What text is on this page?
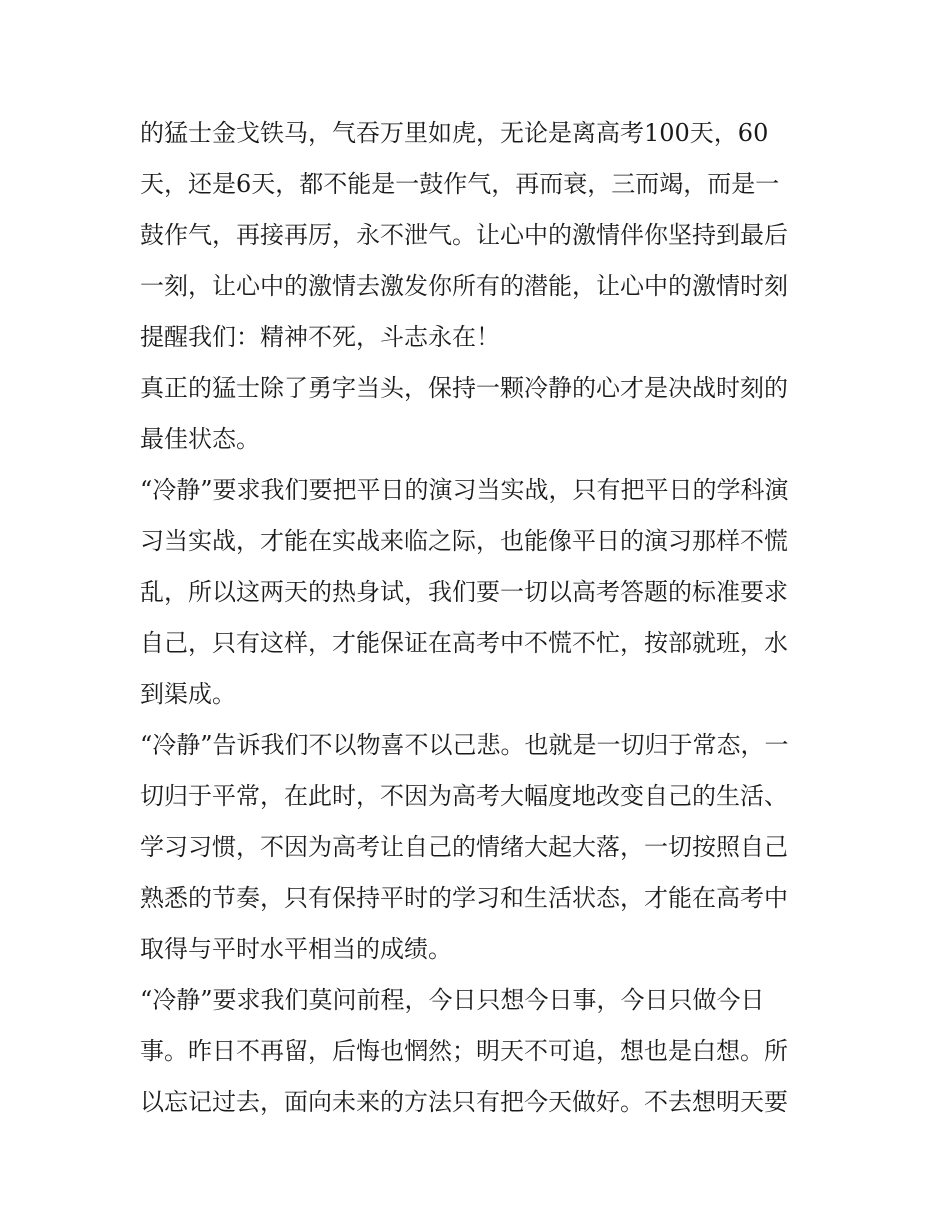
的猛士金戈铁马，气吞万里如虎，无论是离高考100天，60
天，还是6天，都不能是一鼓作气，再而衰，三而竭，而是一
鼓作气，再接再厉，永不泄气。让心中的激情伴你坚持到最后
一刻，让心中的激情去激发你所有的潜能，让心中的激情时刻
提醒我们：精神不死，斗志永在！
真正的猛士除了勇字当头，保持一颗冷静的心才是决战时刻的
最佳状态。
“冷静”要求我们要把平日的演习当实战，只有把平日的学科演
习当实战，才能在实战来临之际，也能像平日的演习那样不慌
乱，所以这两天的热身试，我们要一切以高考答题的标准要求
自己，只有这样，才能保证在高考中不慌不忙，按部就班，水
到渠成。
“冷静”告诉我们不以物喜不以己悲。也就是一切归于常态，一
切归于平常，在此时，不因为高考大幅度地改变自己的生活、
学习习惯，不因为高考让自己的情绪大起大落，一切按照自己
熟悉的节奏，只有保持平时的学习和生活状态，才能在高考中
取得与平时水平相当的成绩。
“冷静”要求我们莫问前程，今日只想今日事，今日只做今日
事。昨日不再留，后悔也惘然；明天不可追，想也是白想。所
以忘记过去，面向未来的方法只有把今天做好。不去想明天要
